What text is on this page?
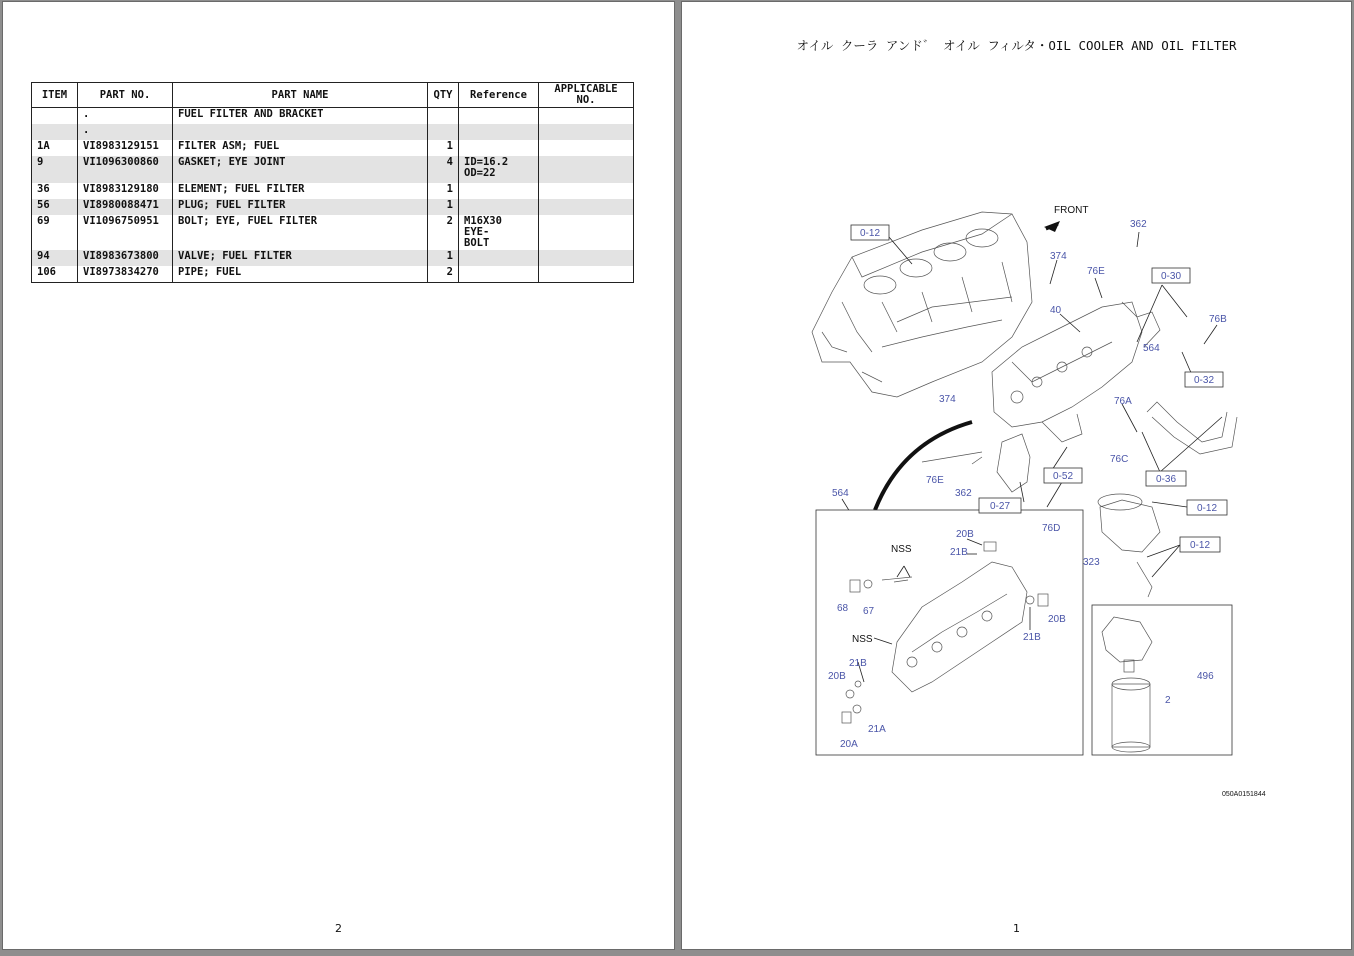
ITEM	PART NO.	PART NAME	QTY	Reference	APPLICABLE NO.
	.	FUEL FILTER AND BRACKET			
	.				
1A	VI8983129151	FILTER ASM; FUEL	1		
9	VI1096300860	GASKET; EYE JOINT	4	ID=16.2
OD=22	
36	VI8983129180	ELEMENT; FUEL FILTER	1		
56	VI8980088471	PLUG; FUEL FILTER	1		
69	VI1096750951	BOLT; EYE, FUEL FILTER	2	M16X30 EYE-
BOLT	
94	VI8983673800	VALVE; FUEL FILTER	1		
106	VI8973834270	PIPE; FUEL	2		
2
オイル クーラ アンド゛ オイル フィルタ・OIL COOLER AND OIL FILTER
0-12
0-30
0-32
0-52
0-27
0-36
0-12
0-12
FRONT
362
374
76E
76B
40
564
374	76A
76C
76E
362
76D
323
564
20B
21B
NSS
68 67
NSS	21B
20B
21B
20B
21A
20A
496
2
050A0151844
1
